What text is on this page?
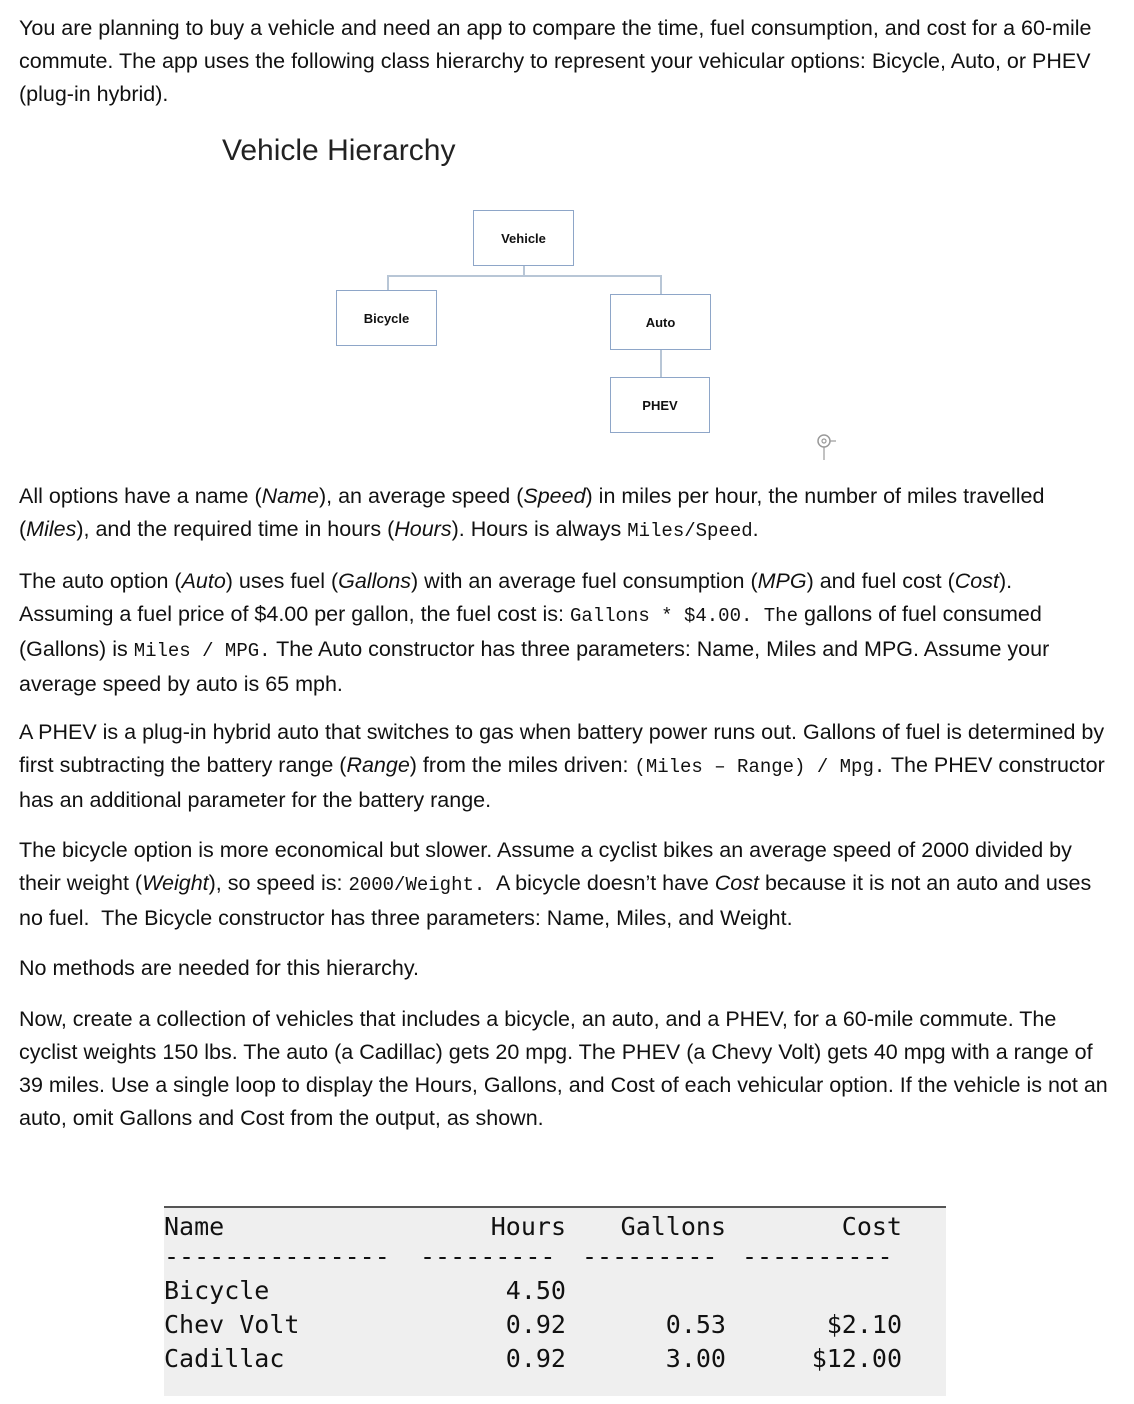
You are planning to buy a vehicle and need an app to compare the time, fuel consumption, and cost for a 60-mile commute. The app uses the following class hierarchy to represent your vehicular options: Bicycle, Auto, or PHEV (plug-in hybrid).

Vehicle Hierarchy
Vehicle
Bicycle	Auto
PHEV

All options have a name (Name), an average speed (Speed) in miles per hour, the number of miles travelled (Miles), and the required time in hours (Hours). Hours is always Miles/Speed.

The auto option (Auto) uses fuel (Gallons) with an average fuel consumption (MPG) and fuel cost (Cost). Assuming a fuel price of $4.00 per gallon, the fuel cost is: Gallons * $4.00. The gallons of fuel consumed (Gallons) is Miles / MPG. The Auto constructor has three parameters: Name, Miles and MPG. Assume your average speed by auto is 65 mph.

A PHEV is a plug-in hybrid auto that switches to gas when battery power runs out. Gallons of fuel is determined by first subtracting the battery range (Range) from the miles driven: (Miles – Range) / Mpg. The PHEV constructor has an additional parameter for the battery range.

The bicycle option is more economical but slower. Assume a cyclist bikes an average speed of 2000 divided by their weight (Weight), so speed is: 2000/Weight.  A bicycle doesn’t have Cost because it is not an auto and uses no fuel.  The Bicycle constructor has three parameters: Name, Miles, and Weight.

No methods are needed for this hierarchy.

Now, create a collection of vehicles that includes a bicycle, an auto, and a PHEV, for a 60-mile commute. The cyclist weights 150 lbs. The auto (a Cadillac) gets 20 mpg. The PHEV (a Chevy Volt) gets 40 mpg with a range of 39 miles. Use a single loop to display the Hours, Gallons, and Cost of each vehicular option. If the vehicle is not an auto, omit Gallons and Cost from the output, as shown.

Name	Hours	Gallons	Cost
--------------- --------- --------- ----------
Bicycle	4.50
Chev Volt	0.92	0.53	$2.10
Cadillac	0.92	3.00	$12.00
